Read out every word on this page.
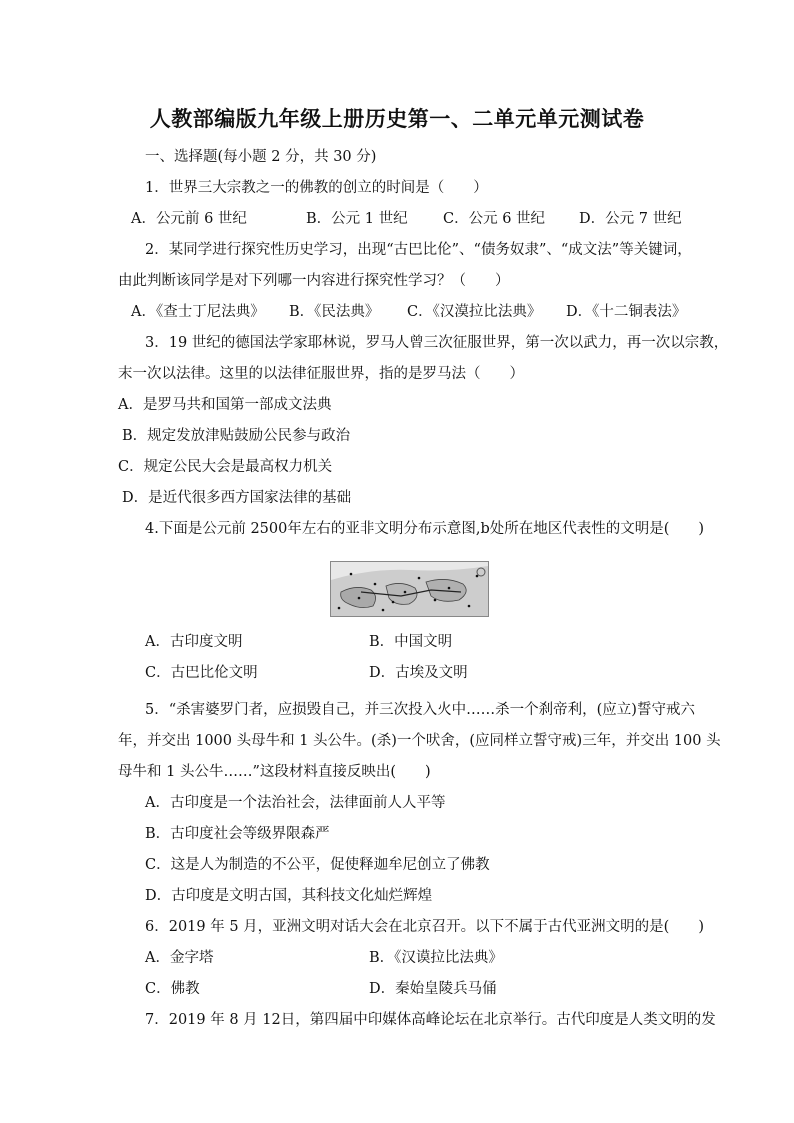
人教部编版九年级上册历史第一、二单元单元测试卷
一、选择题(每小题 2 分，共 30 分)
1．世界三大宗教之一的佛教的创立的时间是（　　）
A．公元前 6 世纪	B．公元 1 世纪 C．公元 6 世纪 D．公元 7 世纪
2．某同学进行探究性历史学习，出现“古巴比伦”、“债务奴隶”、“成文法”等关键词，
由此判断该同学是对下列哪一内容进行探究性学习？（　　）
A．《查士丁尼法典》 B．《民法典》 C．《汉漠拉比法典》 D．《十二铜表法》
3．19 世纪的德国法学家耶林说，罗马人曾三次征服世界，第一次以武力，再一次以宗教，
末一次以法律。这里的以法律征服世界，指的是罗马法（　　）
A．是罗马共和国第一部成文法典
B．规定发放津贴鼓励公民参与政治
C．规定公民大会是最高权力机关
D．是近代很多西方国家法律的基础
4.下面是公元前 2500年左右的亚非文明分布示意图,b处所在地区代表性的文明是(　　)
A．古印度文明	B．中国文明
C．古巴比伦文明	D．古埃及文明
5．“杀害婆罗门者，应损毁自己，并三次投入火中……杀一个刹帝利，(应立)誓守戒六
年，并交出 1000 头母牛和 1 头公牛。(杀)一个吠舍，(应同样立誓守戒)三年，并交出 100 头
母牛和 1 头公牛……”这段材料直接反映出(　　)
A．古印度是一个法治社会，法律面前人人平等
B．古印度社会等级界限森严
C．这是人为制造的不公平，促使释迦牟尼创立了佛教
D．古印度是文明古国，其科技文化灿烂辉煌
6．2019 年 5 月，亚洲文明对话大会在北京召开。以下不属于古代亚洲文明的是(　　)
A．金字塔	B．《汉谟拉比法典》
C．佛教	D．秦始皇陵兵马俑
7．2019 年 8 月 12日，第四届中印媒体高峰论坛在北京举行。古代印度是人类文明的发
